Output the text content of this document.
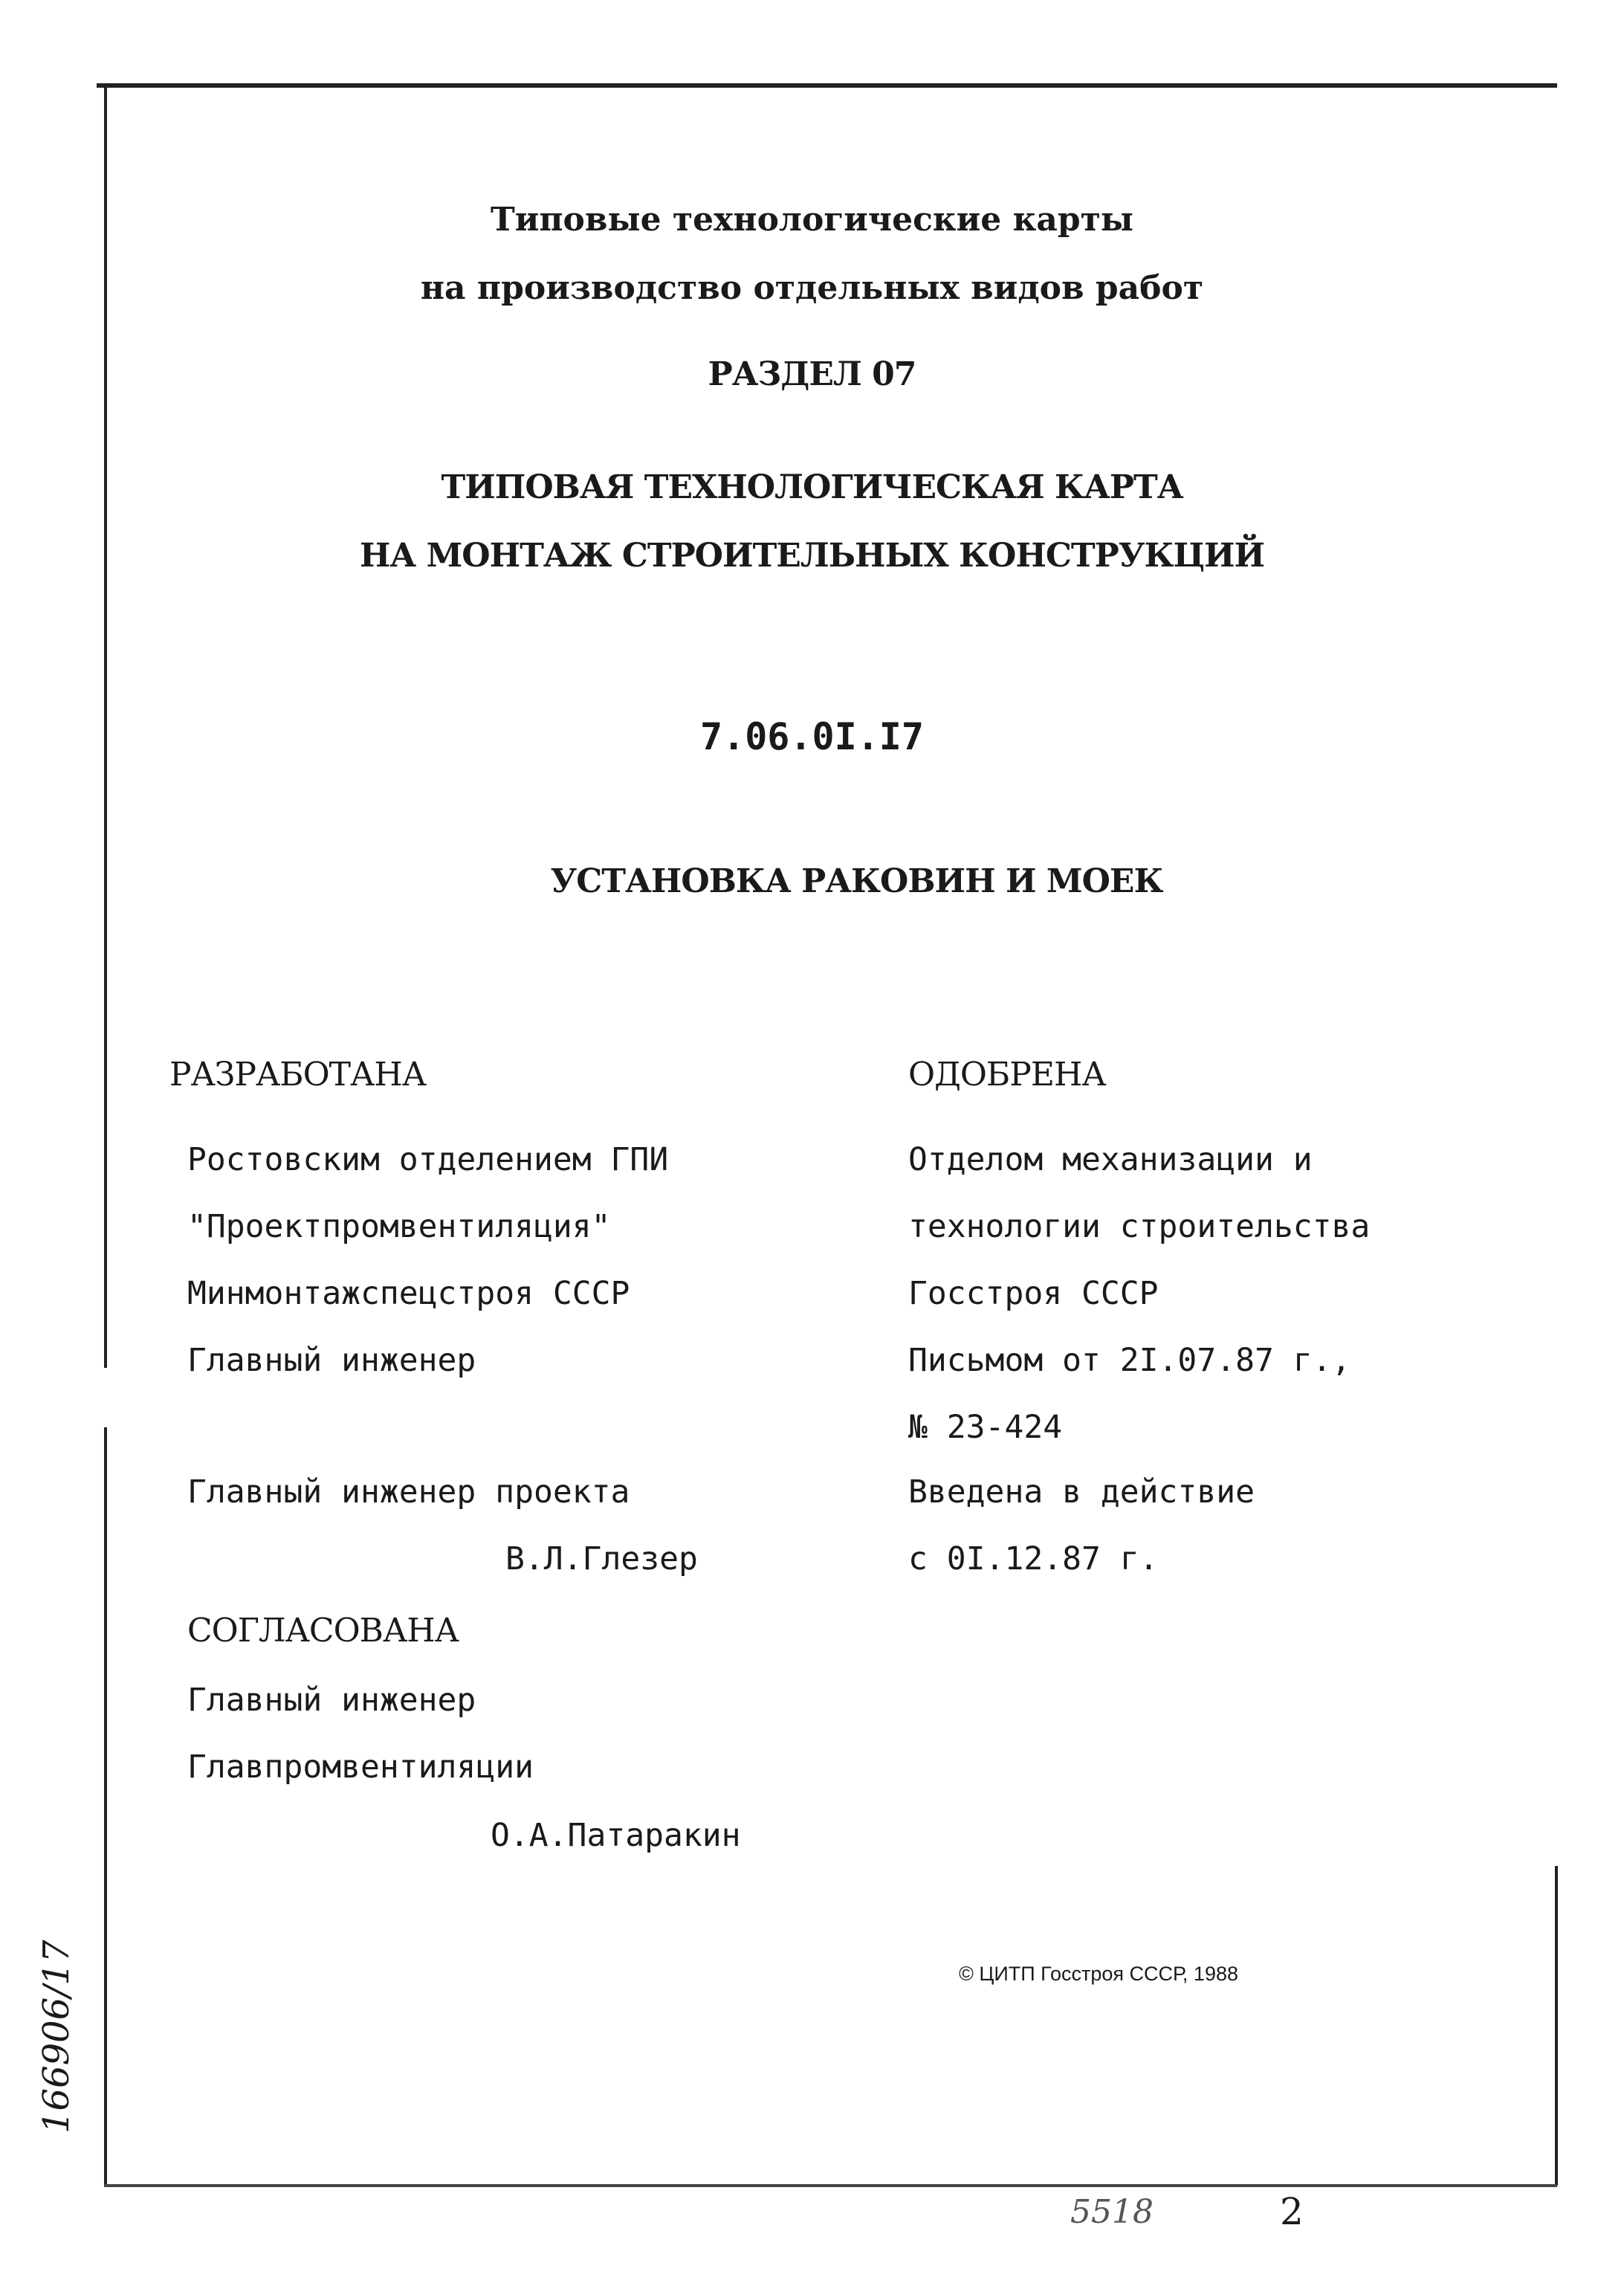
Типовые технологические карты
на производство отдельных видов работ
РАЗДЕЛ 07
ТИПОВАЯ ТЕХНОЛОГИЧЕСКАЯ КАРТА
НА МОНТАЖ СТРОИТЕЛЬНЫХ КОНСТРУКЦИЙ
7.06.0I.I7
УСТАНОВКА РАКОВИН И МОЕК
РАЗРАБОТАНА
Ростовским отделением ГПИ
"Проектпромвентиляция"
Минмонтажспецстроя СССР
Главный инженер
Главный инженер проекта
В.Л.Глезер
СОГЛАСОВАНА
Главный инженер
Главпромвентиляции
О.А.Патаракин
ОДОБРЕНА
Отделом механизации и
технологии строительства
Госстроя СССР
Письмом от 2I.07.87 г.,
№ 23-424
Введена в действие
с 0I.12.87 г.
© ЦИТП Госстроя СССР, 1988
166906/17
5518	2
